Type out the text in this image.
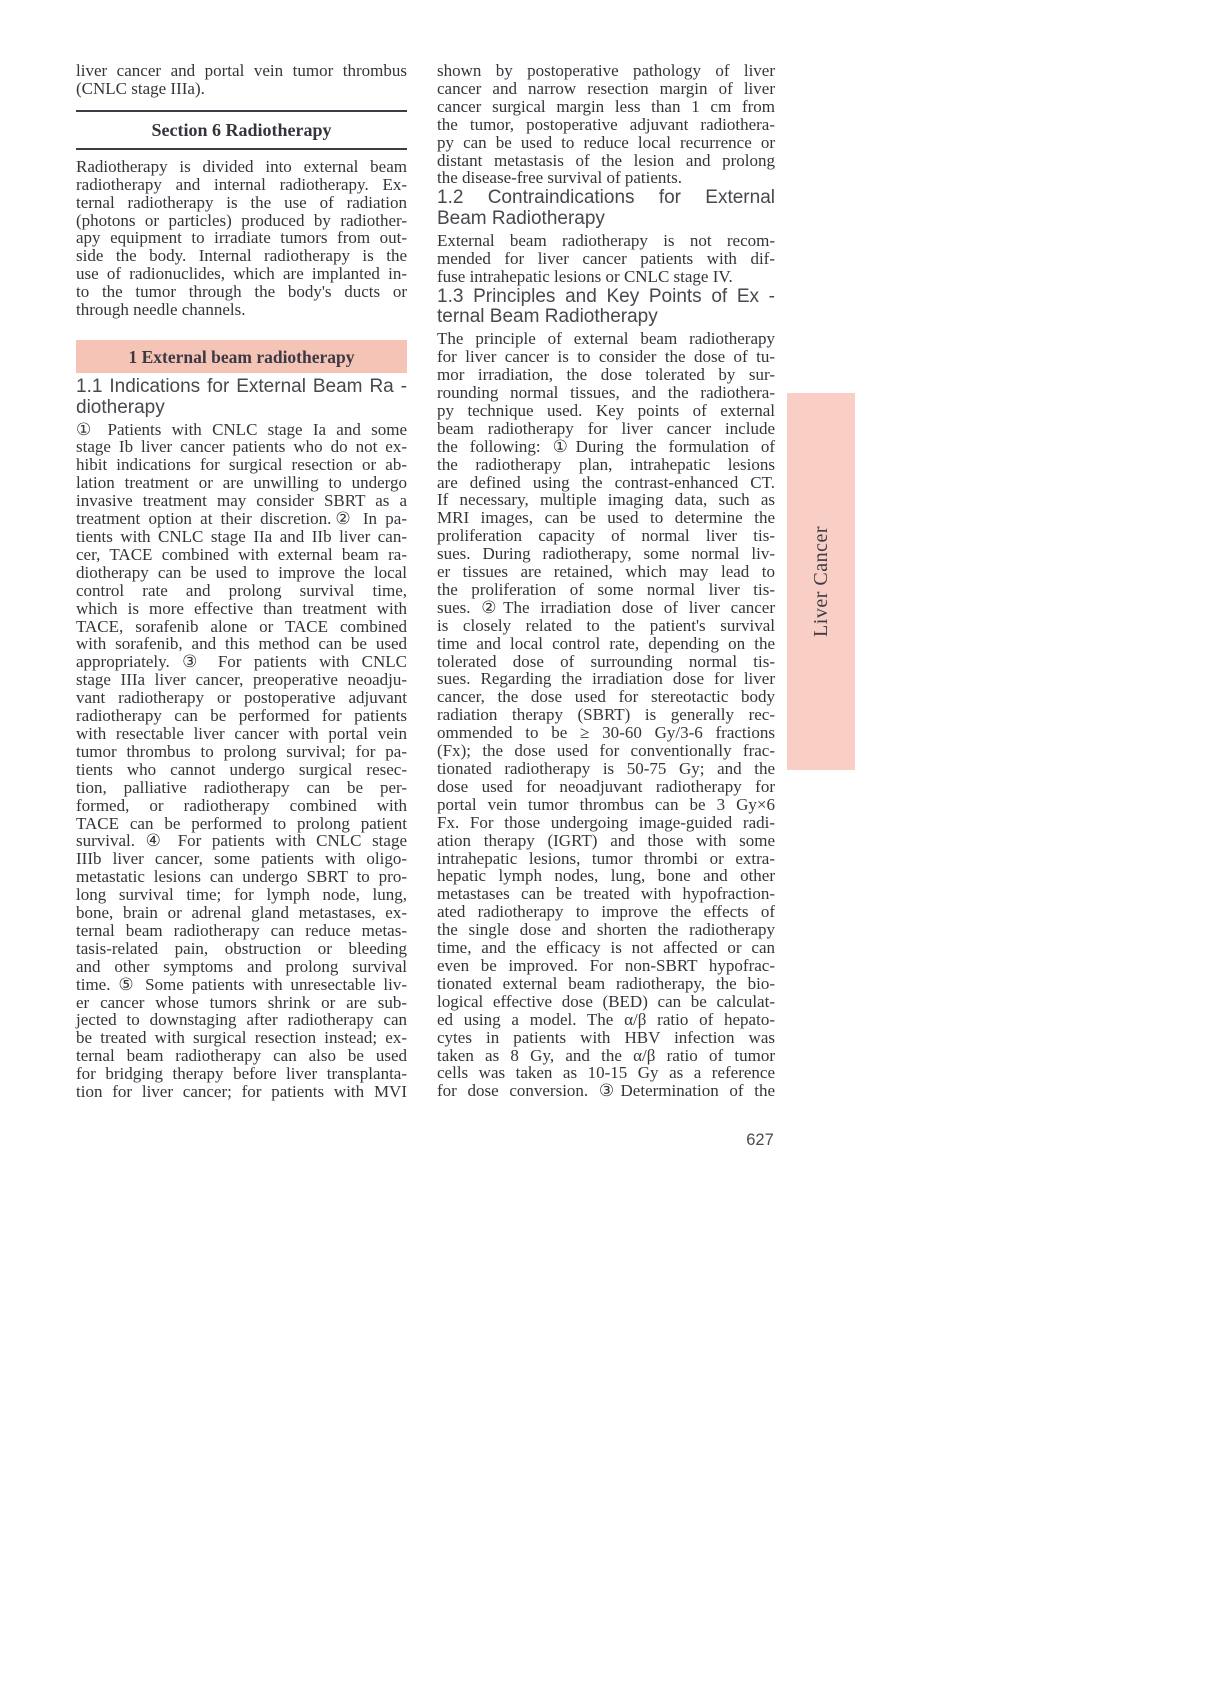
liver cancer and portal vein tumor thrombus
(CNLC stage IIIa).
Section 6 Radiotherapy
Radiotherapy is divided into external beam
radiotherapy and internal radiotherapy. Ex-
ternal radiotherapy is the use of radiation
(photons or particles) produced by radiother-
apy equipment to irradiate tumors from out-
side the body. Internal radiotherapy is the
use of radionuclides, which are implanted in-
to the tumor through the body's ducts or
through needle channels.
1 External beam radiotherapy
1.1 Indications for External Beam Ra -
diotherapy
① Patients with CNLC stage Ia and some
stage Ib liver cancer patients who do not ex-
hibit indications for surgical resection or ab-
lation treatment or are unwilling to undergo
invasive treatment may consider SBRT as a
treatment option at their discretion.② In pa-
tients with CNLC stage IIa and IIb liver can-
cer, TACE combined with external beam ra-
diotherapy can be used to improve the local
control rate and prolong survival time,
which is more effective than treatment with
TACE, sorafenib alone or TACE combined
with sorafenib, and this method can be used
appropriately. ③ For patients with CNLC
stage IIIa liver cancer, preoperative neoadju-
vant radiotherapy or postoperative adjuvant
radiotherapy can be performed for patients
with resectable liver cancer with portal vein
tumor thrombus to prolong survival; for pa-
tients who cannot undergo surgical resec-
tion, palliative radiotherapy can be per-
formed, or radiotherapy combined with
TACE can be performed to prolong patient
survival. ④ For patients with CNLC stage
IIIb liver cancer, some patients with oligo-
metastatic lesions can undergo SBRT to pro-
long survival time; for lymph node, lung,
bone, brain or adrenal gland metastases, ex-
ternal beam radiotherapy can reduce metas-
tasis-related pain, obstruction or bleeding
and other symptoms and prolong survival
time. ⑤ Some patients with unresectable liv-
er cancer whose tumors shrink or are sub-
jected to downstaging after radiotherapy can
be treated with surgical resection instead; ex-
ternal beam radiotherapy can also be used
for bridging therapy before liver transplanta-
tion for liver cancer; for patients with MVI
shown by postoperative pathology of liver
cancer and narrow resection margin of liver
cancer surgical margin less than 1 cm from
the tumor, postoperative adjuvant radiothera-
py can be used to reduce local recurrence or
distant metastasis of the lesion and prolong
the disease-free survival of patients.
1.2 Contraindications for External
Beam Radiotherapy
External beam radiotherapy is not recom-
mended for liver cancer patients with dif-
fuse intrahepatic lesions or CNLC stage IV.
1.3 Principles and Key Points of Ex -
ternal Beam Radiotherapy
The principle of external beam radiotherapy
for liver cancer is to consider the dose of tu-
mor irradiation, the dose tolerated by sur-
rounding normal tissues, and the radiothera-
py technique used. Key points of external
beam radiotherapy for liver cancer include
the following: ①During the formulation of
the radiotherapy plan, intrahepatic lesions
are defined using the contrast-enhanced CT.
If necessary, multiple imaging data, such as
MRI images, can be used to determine the
proliferation capacity of normal liver tis-
sues. During radiotherapy, some normal liv-
er tissues are retained, which may lead to
the proliferation of some normal liver tis-
sues. ②The irradiation dose of liver cancer
is closely related to the patient's survival
time and local control rate, depending on the
tolerated dose of surrounding normal tis-
sues. Regarding the irradiation dose for liver
cancer, the dose used for stereotactic body
radiation therapy (SBRT) is generally rec-
ommended to be ≥ 30-60 Gy/3-6 fractions
(Fx); the dose used for conventionally frac-
tionated radiotherapy is 50-75 Gy; and the
dose used for neoadjuvant radiotherapy for
portal vein tumor thrombus can be 3 Gy×6
Fx. For those undergoing image-guided radi-
ation therapy (IGRT) and those with some
intrahepatic lesions, tumor thrombi or extra-
hepatic lymph nodes, lung, bone and other
metastases can be treated with hypofraction-
ated radiotherapy to improve the effects of
the single dose and shorten the radiotherapy
time, and the efficacy is not affected or can
even be improved. For non-SBRT hypofrac-
tionated external beam radiotherapy, the bio-
logical effective dose (BED) can be calculat-
ed using a model. The α/β ratio of hepato-
cytes in patients with HBV infection was
taken as 8 Gy, and the α/β ratio of tumor
cells was taken as 10-15 Gy as a reference
for dose conversion. ③Determination of the
Liver Cancer
627
